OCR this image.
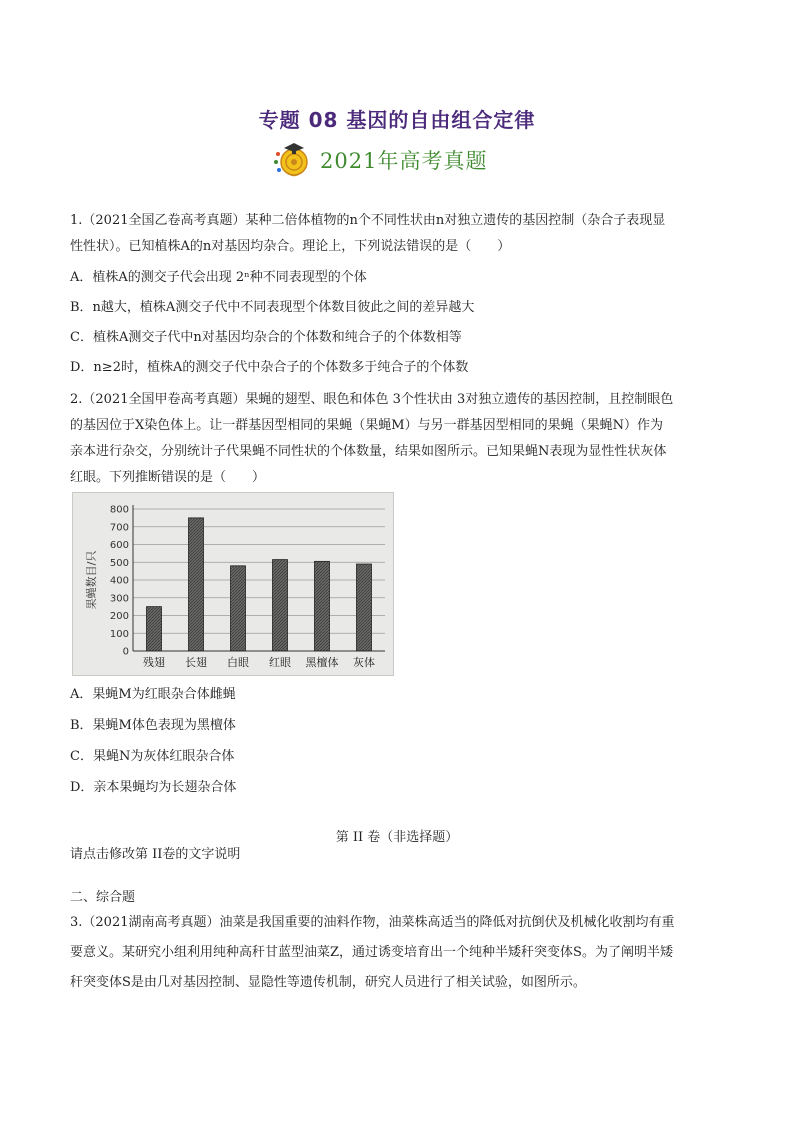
专题 08 基因的自由组合定律
2021年高考真题
1.（2021全国乙卷高考真题）某种二倍体植物的n个不同性状由n对独立遗传的基因控制（杂合子表现显
性性状）。已知植株A的n对基因均杂合。理论上，下列说法错误的是（　　）
A．植株A的测交子代会出现 2ⁿ种不同表现型的个体
B．n越大，植株A测交子代中不同表现型个体数目彼此之间的差异越大
C．植株A测交子代中n对基因均杂合的个体数和纯合子的个体数相等
D．n≥2时，植株A的测交子代中杂合子的个体数多于纯合子的个体数
2.（2021全国甲卷高考真题）果蝇的翅型、眼色和体色 3个性状由 3对独立遗传的基因控制，且控制眼色
的基因位于X染色体上。让一群基因型相同的果蝇（果蝇M）与另一群基因型相同的果蝇（果蝇N）作为
亲本进行杂交，分别统计子代果蝇不同性状的个体数量，结果如图所示。已知果蝇N表现为显性性状灰体
红眼。下列推断错误的是（　　）
0
100
200
300
400
500
600
700
800
果蝇数目/只
残翅 长翅 白眼 红眼 黑檀体 灰体
A．果蝇M为红眼杂合体雌蝇
B．果蝇M体色表现为黑檀体
C．果蝇N为灰体红眼杂合体
D．亲本果蝇均为长翅杂合体
第 II 卷（非选择题）
请点击修改第 II卷的文字说明
二、综合题
3.（2021湖南高考真题）油菜是我国重要的油料作物，油菜株高适当的降低对抗倒伏及机械化收割均有重
要意义。某研究小组利用纯种高秆甘蓝型油菜Z，通过诱变培育出一个纯种半矮秆突变体S。为了阐明半矮
秆突变体S是由几对基因控制、显隐性等遗传机制，研究人员进行了相关试验，如图所示。
